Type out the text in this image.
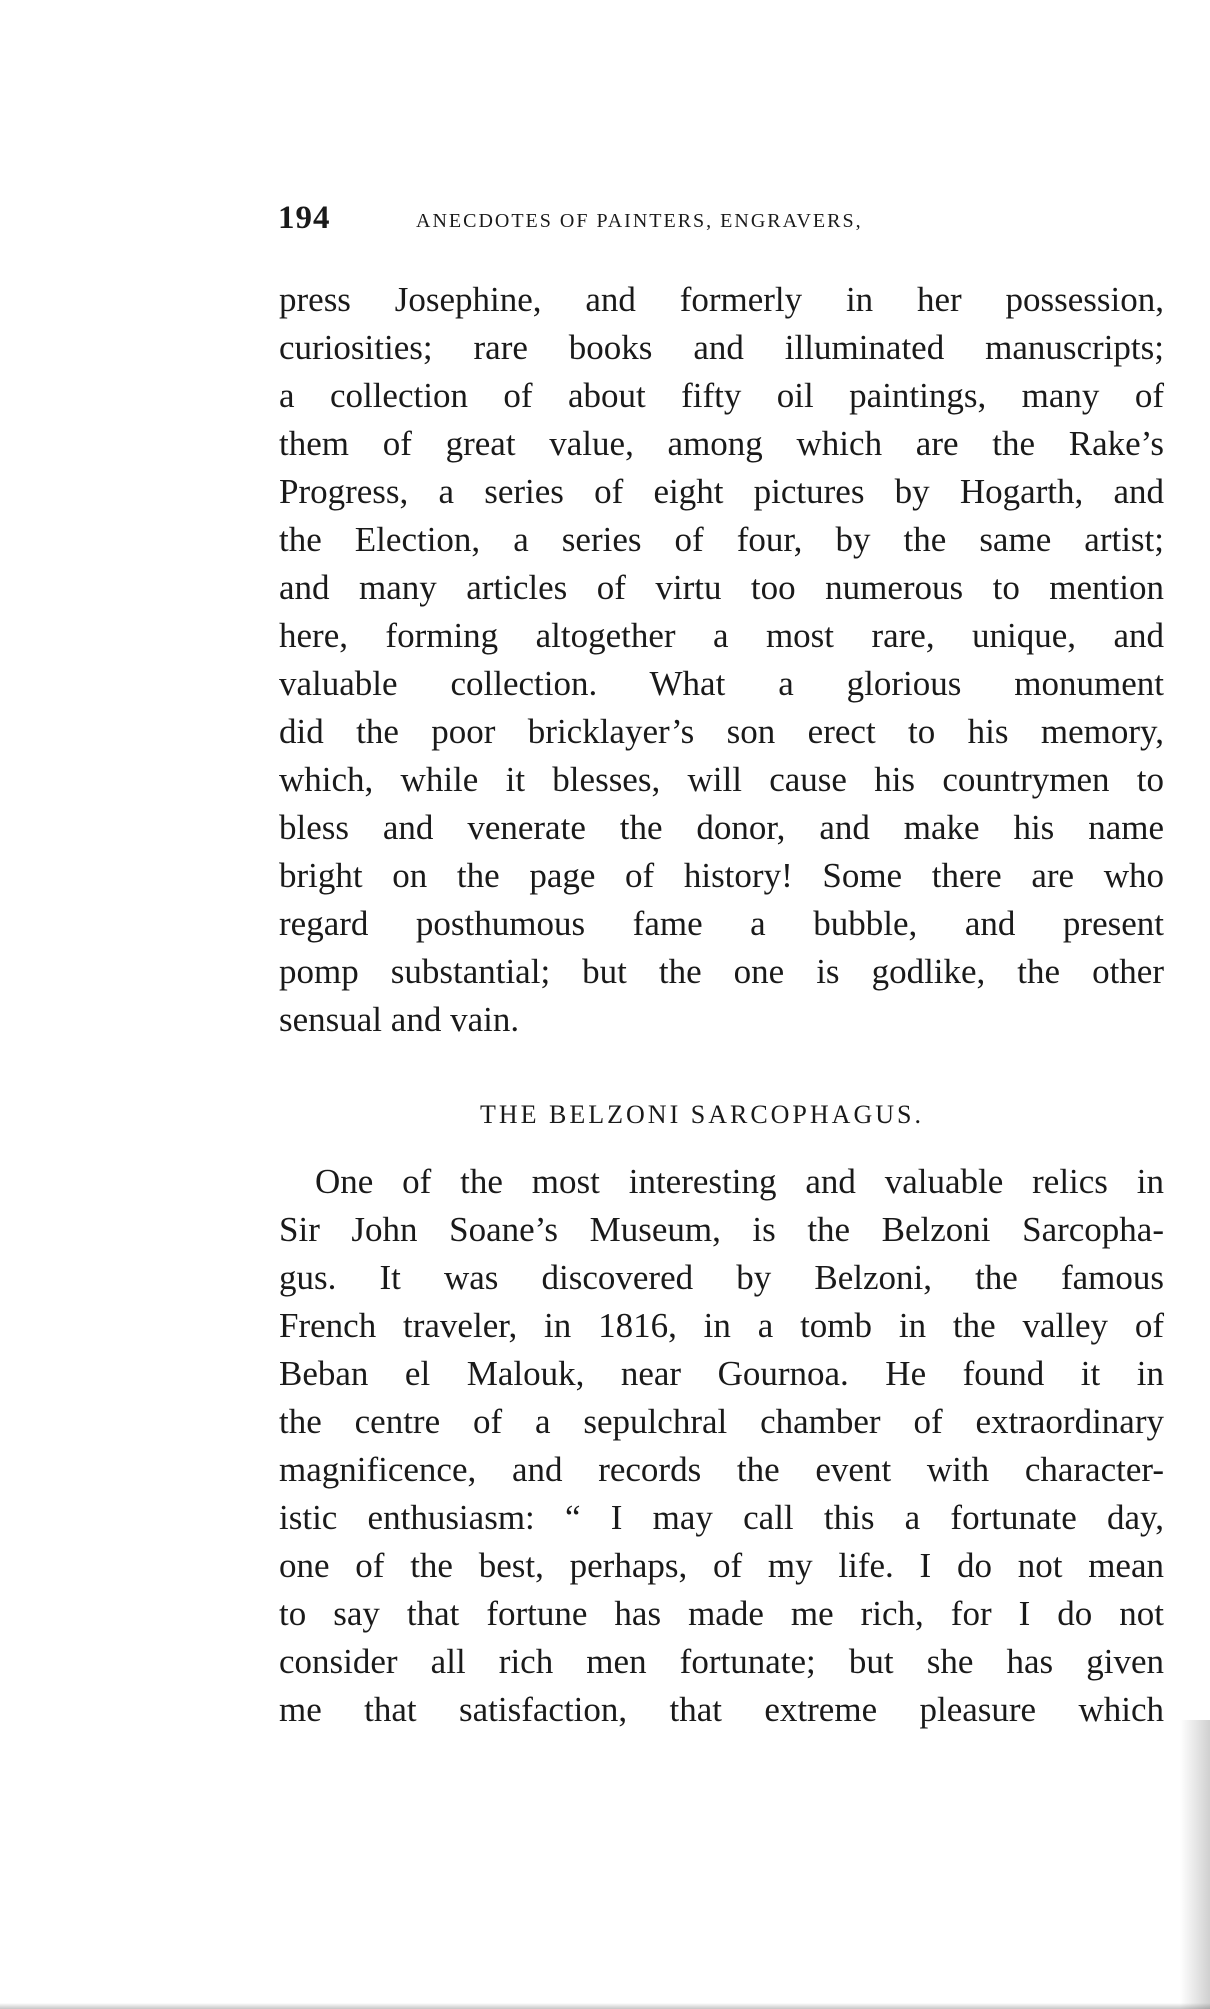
194	ANECDOTES OF PAINTERS, ENGRAVERS,
press Josephine, and formerly in her possession,
curiosities; rare books and illuminated manuscripts;
a collection of about fifty oil paintings, many of
them of great value, among which are the Rake’s
Progress, a series of eight pictures by Hogarth, and
the Election, a series of four, by the same artist;
and many articles of virtu too numerous to mention
here, forming altogether a most rare, unique, and
valuable collection. What a glorious monument
did the poor bricklayer’s son erect to his memory,
which, while it blesses, will cause his countrymen to
bless and venerate the donor, and make his name
bright on the page of history! Some there are who
regard posthumous fame a bubble, and present
pomp substantial; but the one is godlike, the other
sensual and vain.
THE BELZONI SARCOPHAGUS.
One of the most interesting and valuable relics in
Sir John Soane’s Museum, is the Belzoni Sarcopha-
gus. It was discovered by Belzoni, the famous
French traveler, in 1816, in a tomb in the valley of
Beban el Malouk, near Gournoa. He found it in
the centre of a sepulchral chamber of extraordinary
magnificence, and records the event with character-
istic enthusiasm: “ I may call this a fortunate day,
one of the best, perhaps, of my life. I do not mean
to say that fortune has made me rich, for I do not
consider all rich men fortunate; but she has given
me that satisfaction, that extreme pleasure which
